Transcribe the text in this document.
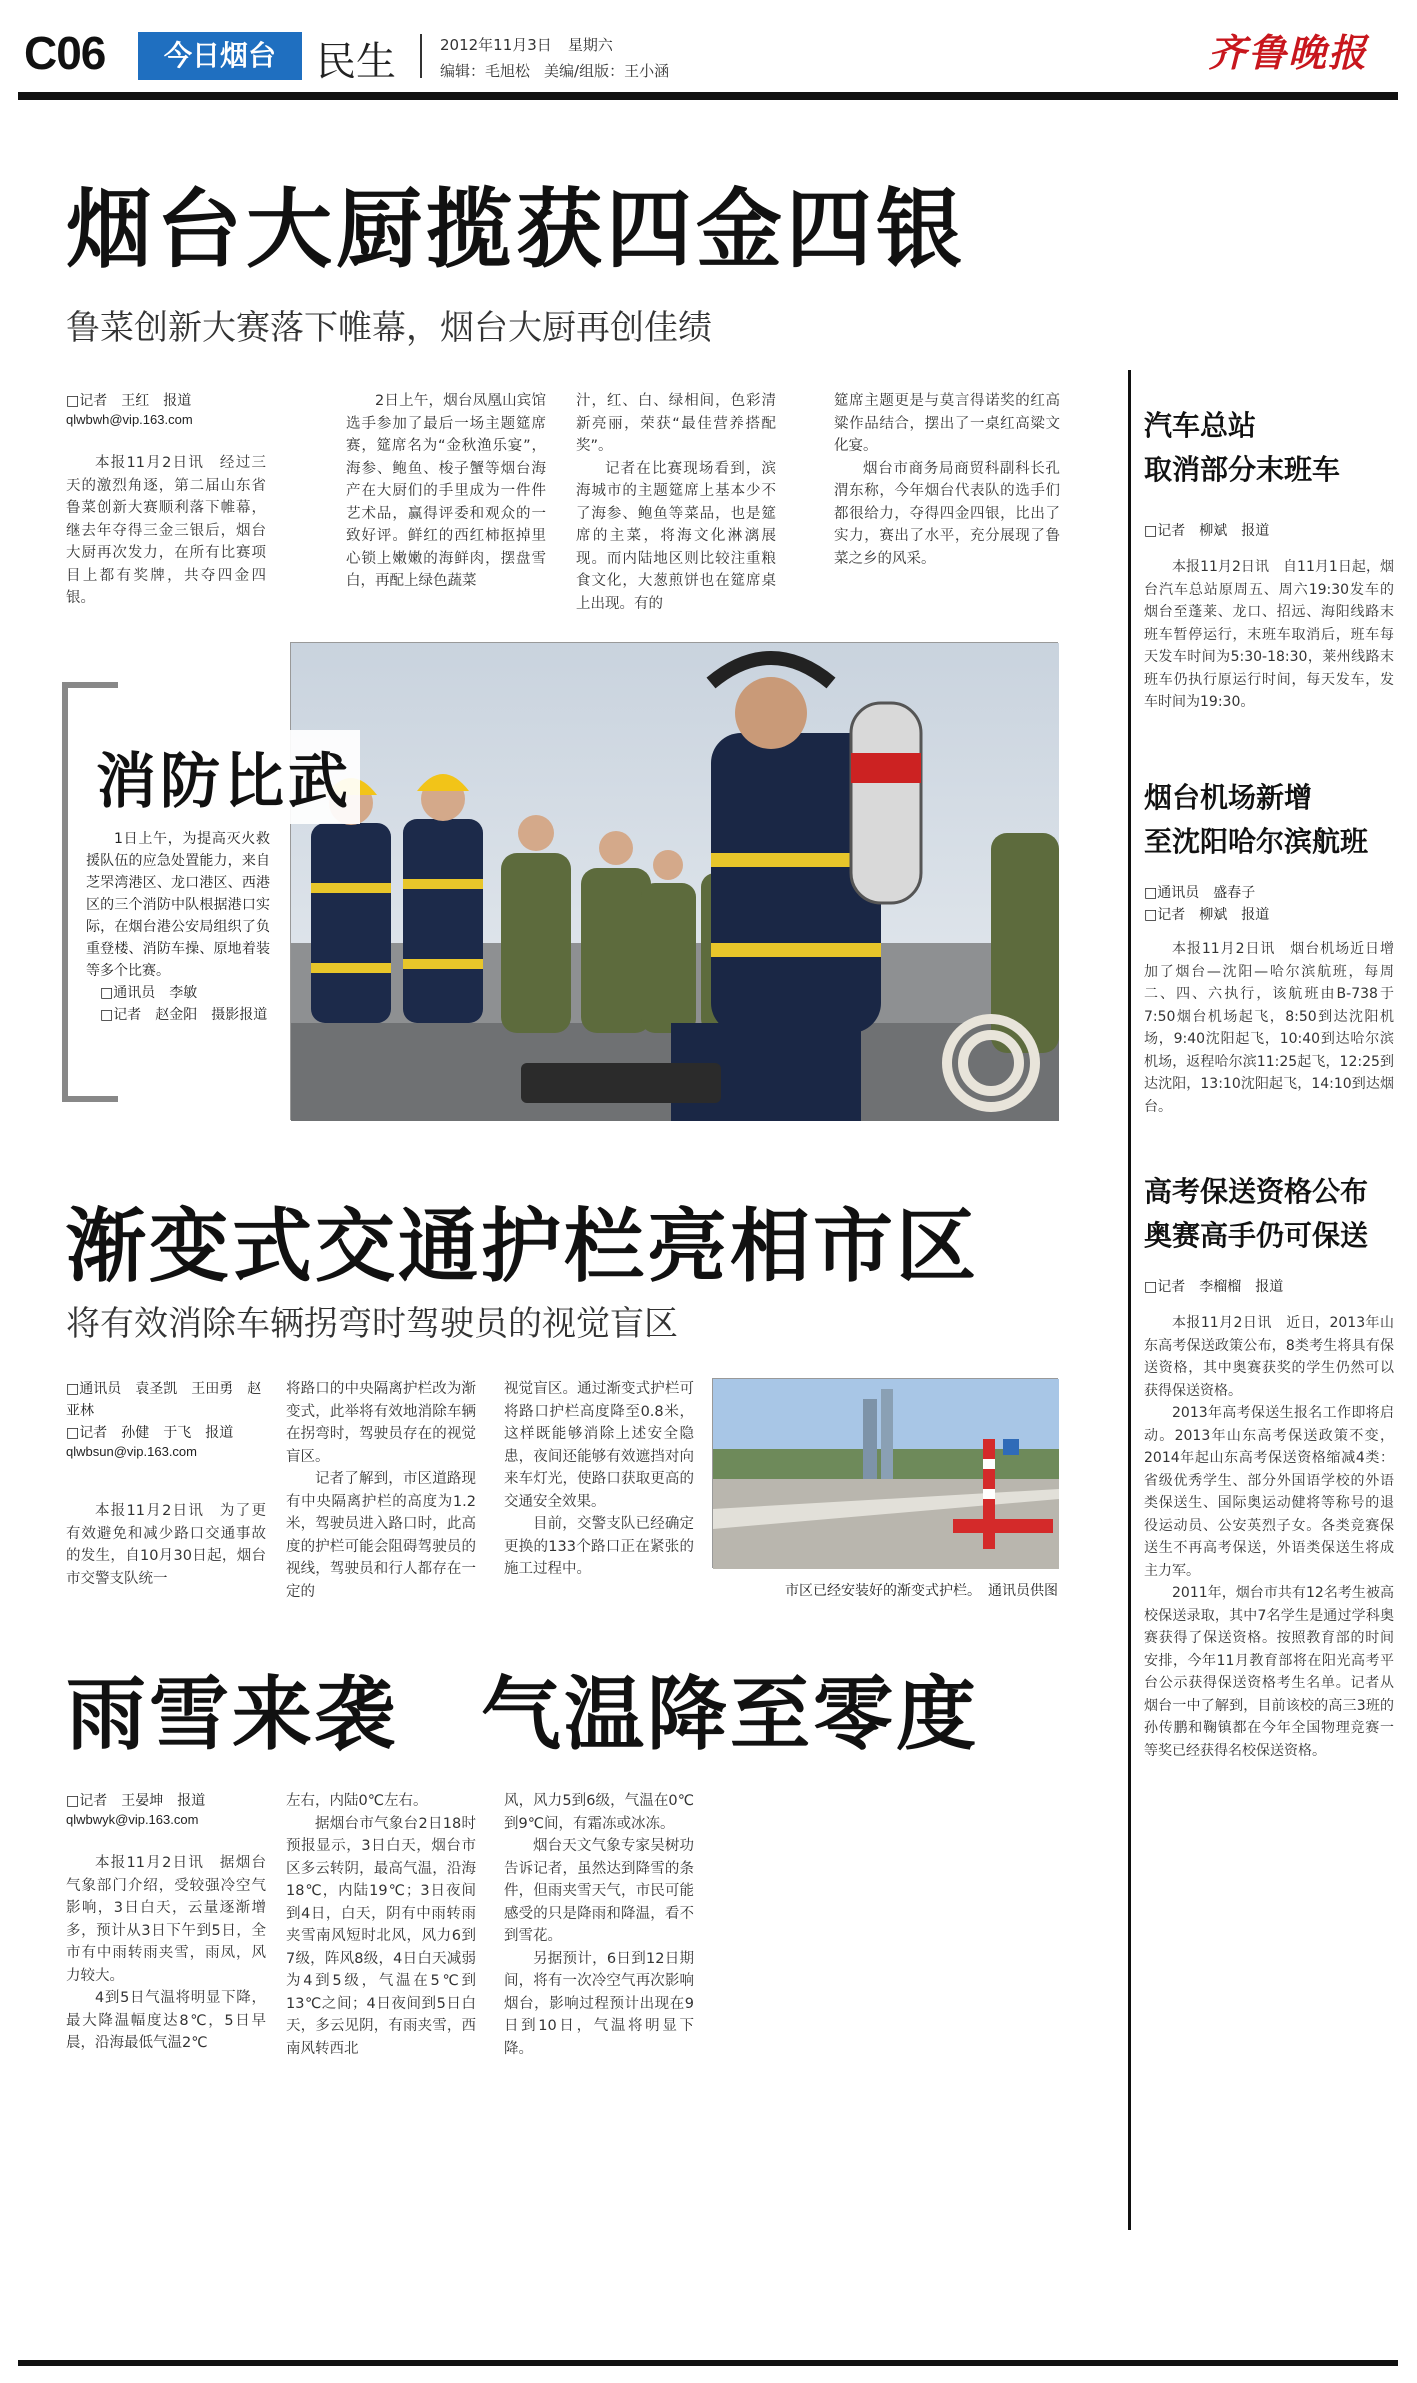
C06	今日烟台	民生	2012年11月3日 星期六
编辑：毛旭松 美编/组版：王小涵	齐鲁晚报
烟台大厨揽获四金四银
鲁菜创新大赛落下帷幕，烟台大厨再创佳绩
□记者　王红　报道
qlwbwh@vip.163.com

本报11月2日讯　经过三天的激烈角逐，第二届山东省鲁菜创新大赛顺利落下帷幕，继去年夺得三金三银后，烟台大厨再次发力，在所有比赛项目上都有奖牌，共夺四金四银。

2日上午，烟台凤凰山宾馆选手参加了最后一场主题筵席赛，筵席名为“金秋渔乐宴”，海参、鲍鱼、梭子蟹等烟台海产在大厨们的手里成为一件件艺术品，赢得评委和观众的一致好评。鲜红的西红柿抠掉里心锁上嫩嫩的海鲜肉，摆盘雪白，再配上绿色蔬菜

汁，红、白、绿相间，色彩清新亮丽，荣获“最佳营养搭配奖”。

记者在比赛现场看到，滨海城市的主题筵席上基本少不了海参、鲍鱼等菜品，也是筵席的主菜，将海文化淋漓展现。而内陆地区则比较注重粮食文化，大葱煎饼也在筵席桌上出现。有的

筵席主题更是与莫言得诺奖的红高粱作品结合，摆出了一桌红高粱文化宴。

烟台市商务局商贸科副科长孔渭东称，今年烟台代表队的选手们都很给力，夺得四金四银，比出了实力，赛出了水平，充分展现了鲁菜之乡的风采。

消防比武

1日上午，为提高灭火救援队伍的应急处置能力，来自芝罘湾港区、龙口港区、西港区的三个消防中队根据港口实际，在烟台港公安局组织了负重登楼、消防车操、原地着装等多个比赛。

□通讯员　李敏
□记者　赵金阳　摄影报道
渐变式交通护栏亮相市区
将有效消除车辆拐弯时驾驶员的视觉盲区
□通讯员　袁圣凯　王田勇　赵亚林
□记者　孙健　于飞　报道
qlwbsun@vip.163.com

本报11月2日讯　为了更有效避免和减少路口交通事故的发生，自10月30日起，烟台市交警支队统一

将路口的中央隔离护栏改为渐变式，此举将有效地消除车辆在拐弯时，驾驶员存在的视觉盲区。

记者了解到，市区道路现有中央隔离护栏的高度为1.2米，驾驶员进入路口时，此高度的护栏可能会阻碍驾驶员的视线，驾驶员和行人都存在一定的

视觉盲区。通过渐变式护栏可将路口护栏高度降至0.8米，这样既能够消除上述安全隐患，夜间还能够有效遮挡对向来车灯光，使路口获取更高的交通安全效果。

目前，交警支队已经确定更换的133个路口正在紧张的施工过程中。

市区已经安装好的渐变式护栏。　通讯员供图
雨雪来袭　气温降至零度
□记者　王晏坤　报道
qlwbwyk@vip.163.com

本报11月2日讯　据烟台气象部门介绍，受较强冷空气影响，3日白天，云量逐渐增多，预计从3日下午到5日，全市有中雨转雨夹雪，雨凤，风力较大。

4到5日气温将明显下降，最大降温幅度达8℃，5日早晨，沿海最低气温2℃

左右，内陆0℃左右。

据烟台市气象台2日18时预报显示，3日白天，烟台市区多云转阴，最高气温，沿海18℃，内陆19℃；3日夜间到4日，白天，阴有中雨转雨夹雪南风短时北风，风力6到7级，阵风8级，4日白天减弱为4到5级，气温在5℃到13℃之间；4日夜间到5日白天，多云见阴，有雨夹雪，西南风转西北

风，风力5到6级，气温在0℃到9℃间，有霜冻或冰冻。

烟台天文气象专家吴树功告诉记者，虽然达到降雪的条件，但雨夹雪天气，市民可能感受的只是降雨和降温，看不到雪花。

另据预计，6日到12日期间，将有一次冷空气再次影响烟台，影响过程预计出现在9日到10日，气温将明显下降。

汽车总站
取消部分末班车
□记者　柳斌　报道

本报11月2日讯　自11月1日起，烟台汽车总站原周五、周六19:30发车的烟台至蓬莱、龙口、招远、海阳线路末班车暂停运行，末班车取消后，班车每天发车时间为5:30-18:30，莱州线路末班车仍执行原运行时间，每天发车，发车时间为19:30。

烟台机场新增
至沈阳哈尔滨航班
□通讯员　盛春子
□记者　柳斌　报道

本报11月2日讯　烟台机场近日增加了烟台—沈阳—哈尔滨航班，每周二、四、六执行，该航班由B-738于7:50烟台机场起飞，8:50到达沈阳机场，9:40沈阳起飞，10:40到达哈尔滨机场，返程哈尔滨11:25起飞，12:25到达沈阳，13:10沈阳起飞，14:10到达烟台。

高考保送资格公布
奥赛高手仍可保送
□记者　李榴榴　报道

本报11月2日讯　近日，2013年山东高考保送政策公布，8类考生将具有保送资格，其中奥赛获奖的学生仍然可以获得保送资格。

2013年高考保送生报名工作即将启动。2013年山东高考保送政策不变，2014年起山东高考保送资格缩减4类：省级优秀学生、部分外国语学校的外语类保送生、国际奥运动健将等称号的退役运动员、公安英烈子女。各类竞赛保送生不再高考保送，外语类保送生将成主力军。

2011年，烟台市共有12名考生被高校保送录取，其中7名学生是通过学科奥赛获得了保送资格。按照教育部的时间安排，今年11月教育部将在阳光高考平台公示获得保送资格考生名单。记者从烟台一中了解到，目前该校的高三3班的孙传鹏和鞠镇都在今年全国物理竞赛一等奖已经获得名校保送资格。
